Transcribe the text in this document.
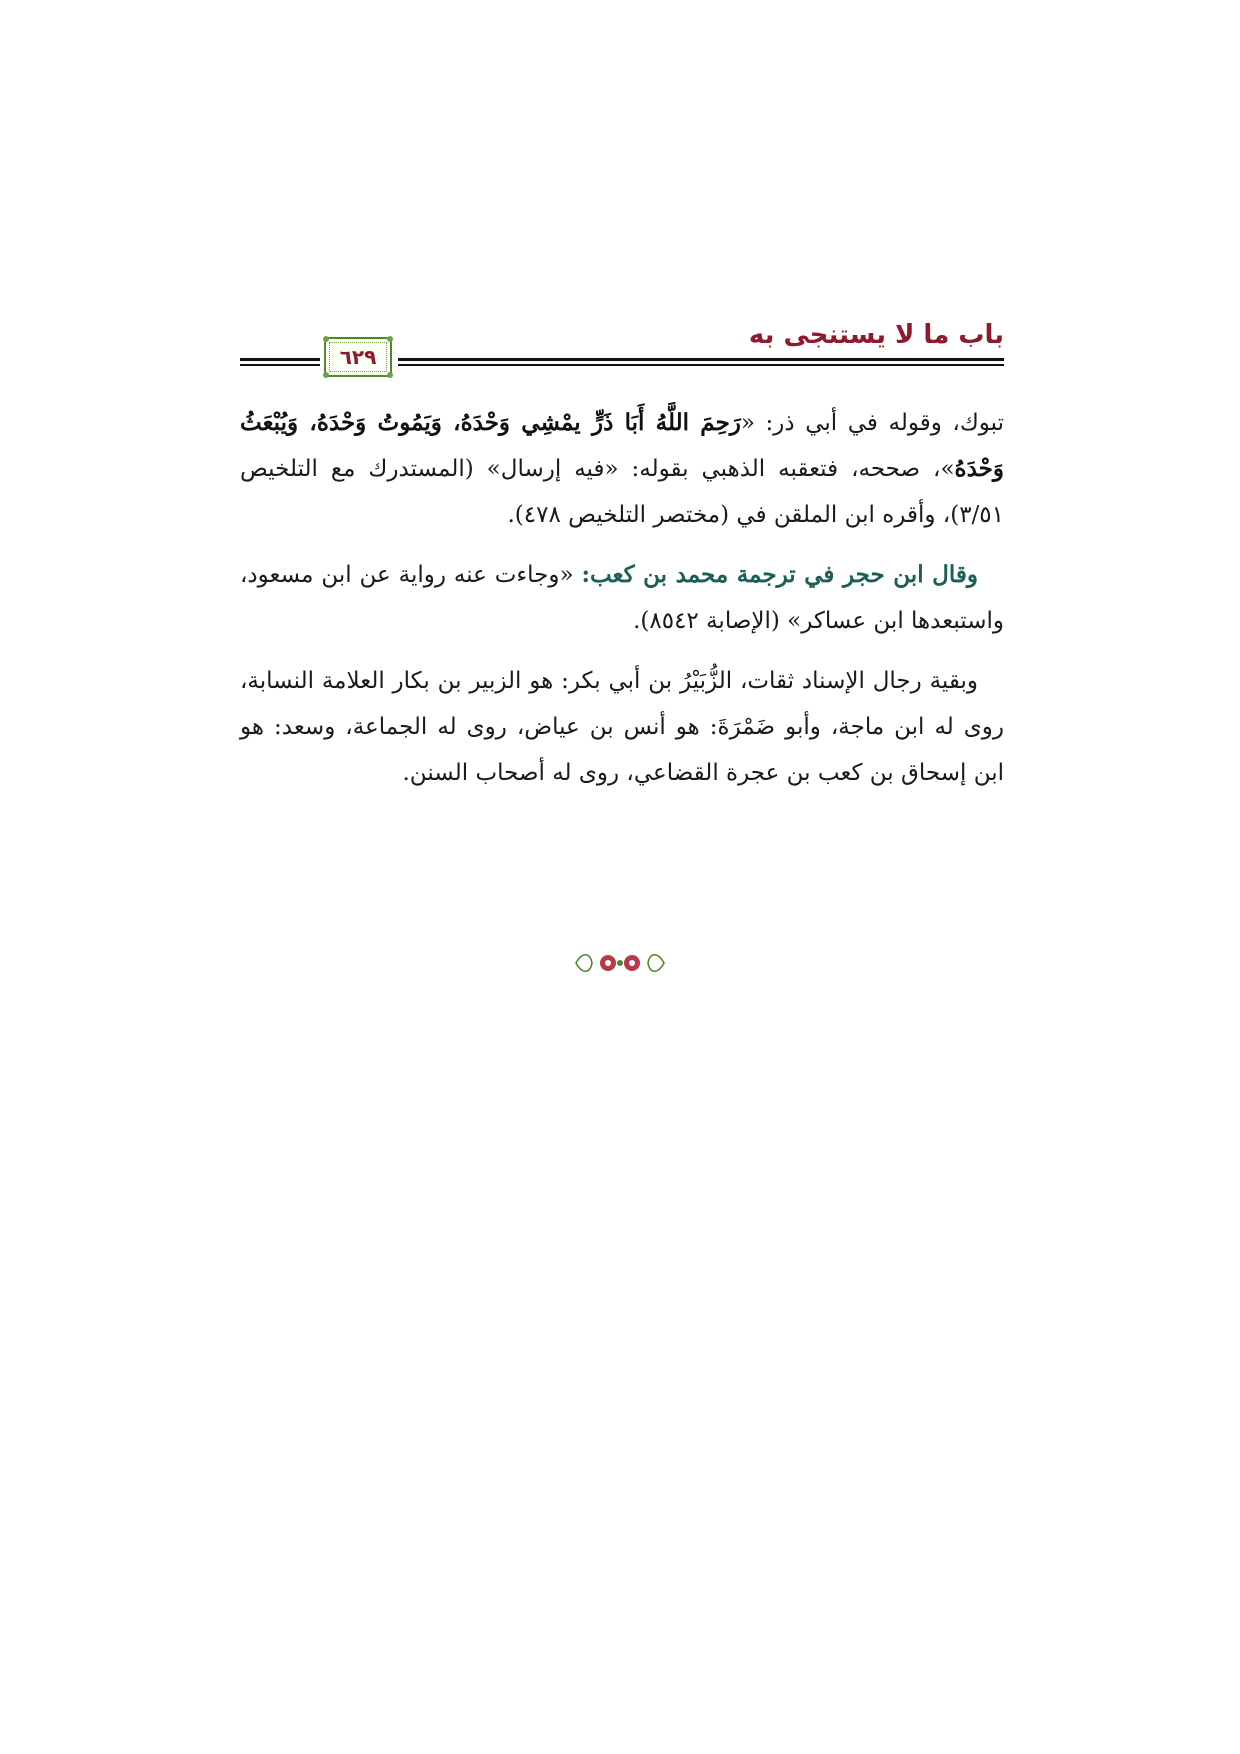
باب ما لا يستنجى به
٦٢٩

تبوك، وقوله في أبي ذر: «رَحِمَ اللَّهُ أَبَا ذَرٍّ يمْشِي وَحْدَهُ، وَيَمُوتُ وَحْدَهُ، وَيُبْعَثُ وَحْدَهُ»، صححه، فتعقبه الذهبي بقوله: «فيه إرسال» (المستدرك مع التلخيص ٣/٥١)، وأقره ابن الملقن في (مختصر التلخيص ٤٧٨).

وقال ابن حجر في ترجمة محمد بن كعب: «وجاءت عنه رواية عن ابن مسعود، واستبعدها ابن عساكر» (الإصابة ٨٥٤٢).

وبقية رجال الإسناد ثقات، الزُّبَيْرُ بن أبي بكر: هو الزبير بن بكار العلامة النسابة، روى له ابن ماجة، وأبو ضَمْرَةَ: هو أنس بن عياض، روى له الجماعة، وسعد: هو ابن إسحاق بن كعب بن عجرة القضاعي، روى له أصحاب السنن.
